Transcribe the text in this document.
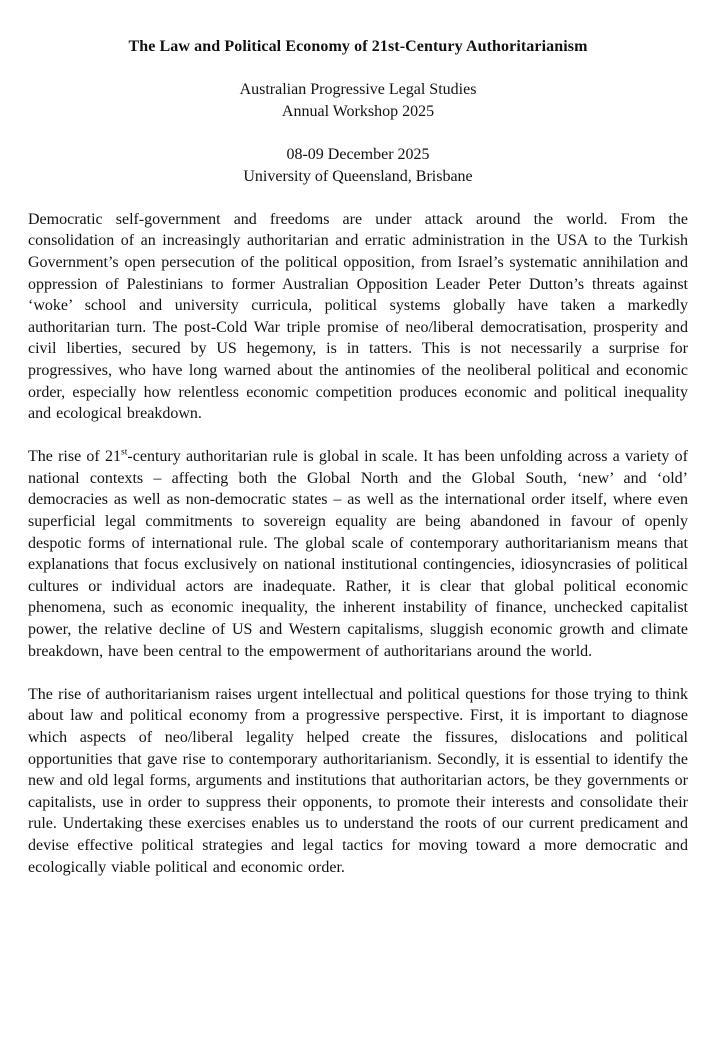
The Law and Political Economy of 21st-Century Authoritarianism
Australian Progressive Legal Studies
Annual Workshop 2025
08-09 December 2025
University of Queensland, Brisbane

Democratic self-government and freedoms are under attack around the world. From the consolidation of an increasingly authoritarian and erratic administration in the USA to the Turkish Government’s open persecution of the political opposition, from Israel’s systematic annihilation and oppression of Palestinians to former Australian Opposition Leader Peter Dutton’s threats against ‘woke’ school and university curricula, political systems globally have taken a markedly authoritarian turn. The post-Cold War triple promise of neo/liberal democratisation, prosperity and civil liberties, secured by US hegemony, is in tatters. This is not necessarily a surprise for progressives, who have long warned about the antinomies of the neoliberal political and economic order, especially how relentless economic competition produces economic and political inequality and ecological breakdown.

The rise of 21st-century authoritarian rule is global in scale. It has been unfolding across a variety of national contexts – affecting both the Global North and the Global South, ‘new’ and ‘old’ democracies as well as non-democratic states – as well as the international order itself, where even superficial legal commitments to sovereign equality are being abandoned in favour of openly despotic forms of international rule. The global scale of contemporary authoritarianism means that explanations that focus exclusively on national institutional contingencies, idiosyncrasies of political cultures or individual actors are inadequate. Rather, it is clear that global political economic phenomena, such as economic inequality, the inherent instability of finance, unchecked capitalist power, the relative decline of US and Western capitalisms, sluggish economic growth and climate breakdown, have been central to the empowerment of authoritarians around the world.

The rise of authoritarianism raises urgent intellectual and political questions for those trying to think about law and political economy from a progressive perspective. First, it is important to diagnose which aspects of neo/liberal legality helped create the fissures, dislocations and political opportunities that gave rise to contemporary authoritarianism. Secondly, it is essential to identify the new and old legal forms, arguments and institutions that authoritarian actors, be they governments or capitalists, use in order to suppress their opponents, to promote their interests and consolidate their rule. Undertaking these exercises enables us to understand the roots of our current predicament and devise effective political strategies and legal tactics for moving toward a more democratic and ecologically viable political and economic order.
